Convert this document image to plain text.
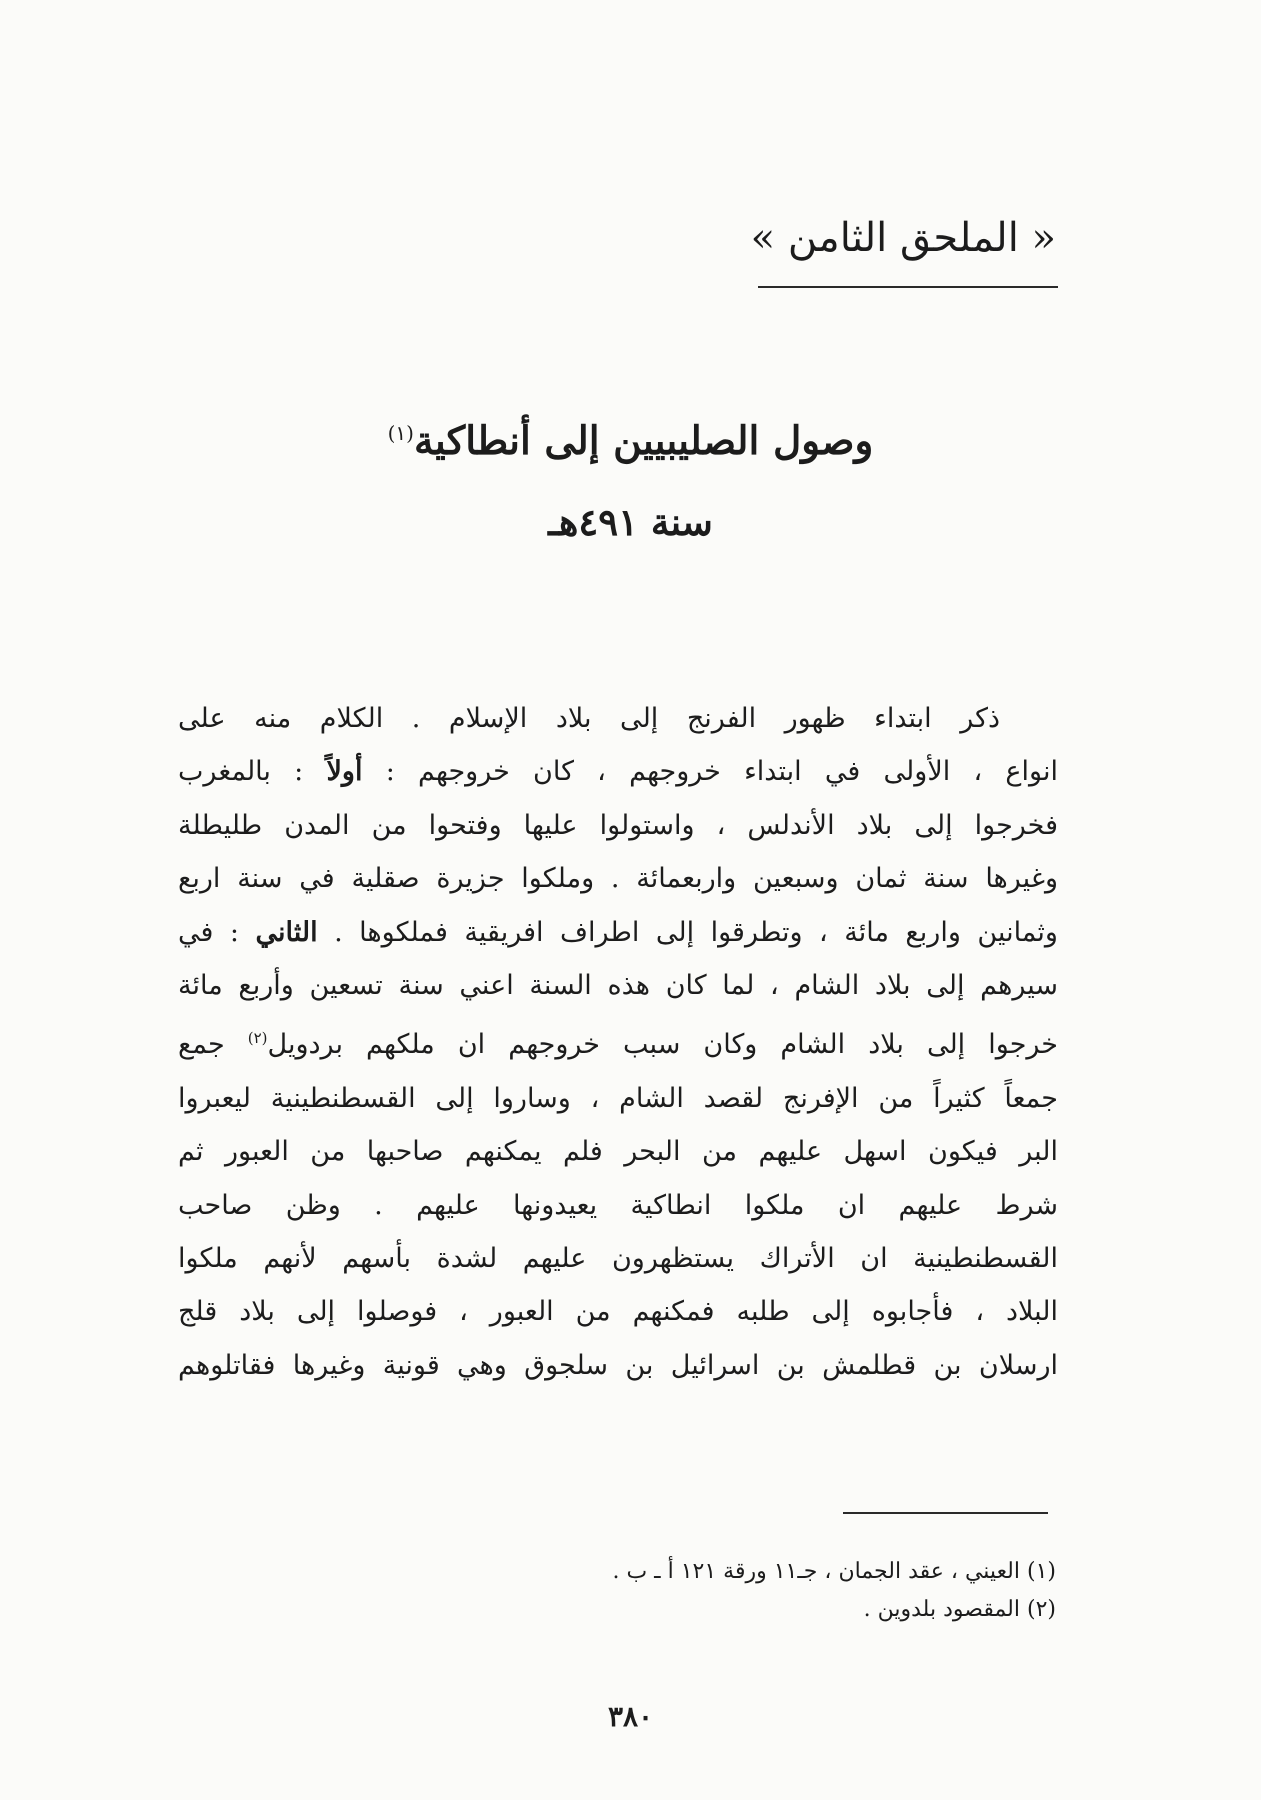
« الملحق الثامن »
وصول الصليبيين إلى أنطاكية$^{(١)}$
سنة ٤٩١هـ
ذكر ابتداء ظهور الفرنج إلى بلاد الإسلام . الكلام منه على
انواع ، الأولى في ابتداء خروجهم ، كان خروجهم : أولاً : بالمغرب
فخرجوا إلى بلاد الأندلس ، واستولوا عليها وفتحوا من المدن طليطلة
وغيرها سنة ثمان وسبعين واربعمائة . وملكوا جزيرة صقلية في سنة اربع
وثمانين واربع مائة ، وتطرقوا إلى اطراف افريقية فملكوها . الثاني : في
سيرهم إلى بلاد الشام ، لما كان هذه السنة اعني سنة تسعين وأربع مائة
خرجوا إلى بلاد الشام وكان سبب خروجهم ان ملكهم بردويل$^{(٢)}$ جمع
جمعاً كثيراً من الإفرنج لقصد الشام ، وساروا إلى القسطنطينية ليعبروا
البر فيكون اسهل عليهم من البحر فلم يمكنهم صاحبها من العبور ثم
شرط عليهم ان ملكوا انطاكية يعيدونها عليهم . وظن صاحب
القسطنطينية ان الأتراك يستظهرون عليهم لشدة بأسهم لأنهم ملكوا
البلاد ، فأجابوه إلى طلبه فمكنهم من العبور ، فوصلوا إلى بلاد قلج
ارسلان بن قطلمش بن اسرائيل بن سلجوق وهي قونية وغيرها فقاتلوهم
(١) العيني ، عقد الجمان ، جـ١١ ورقة ١٢١ أ ـ ب .
(٢) المقصود بلدوين .
٣٨٠
